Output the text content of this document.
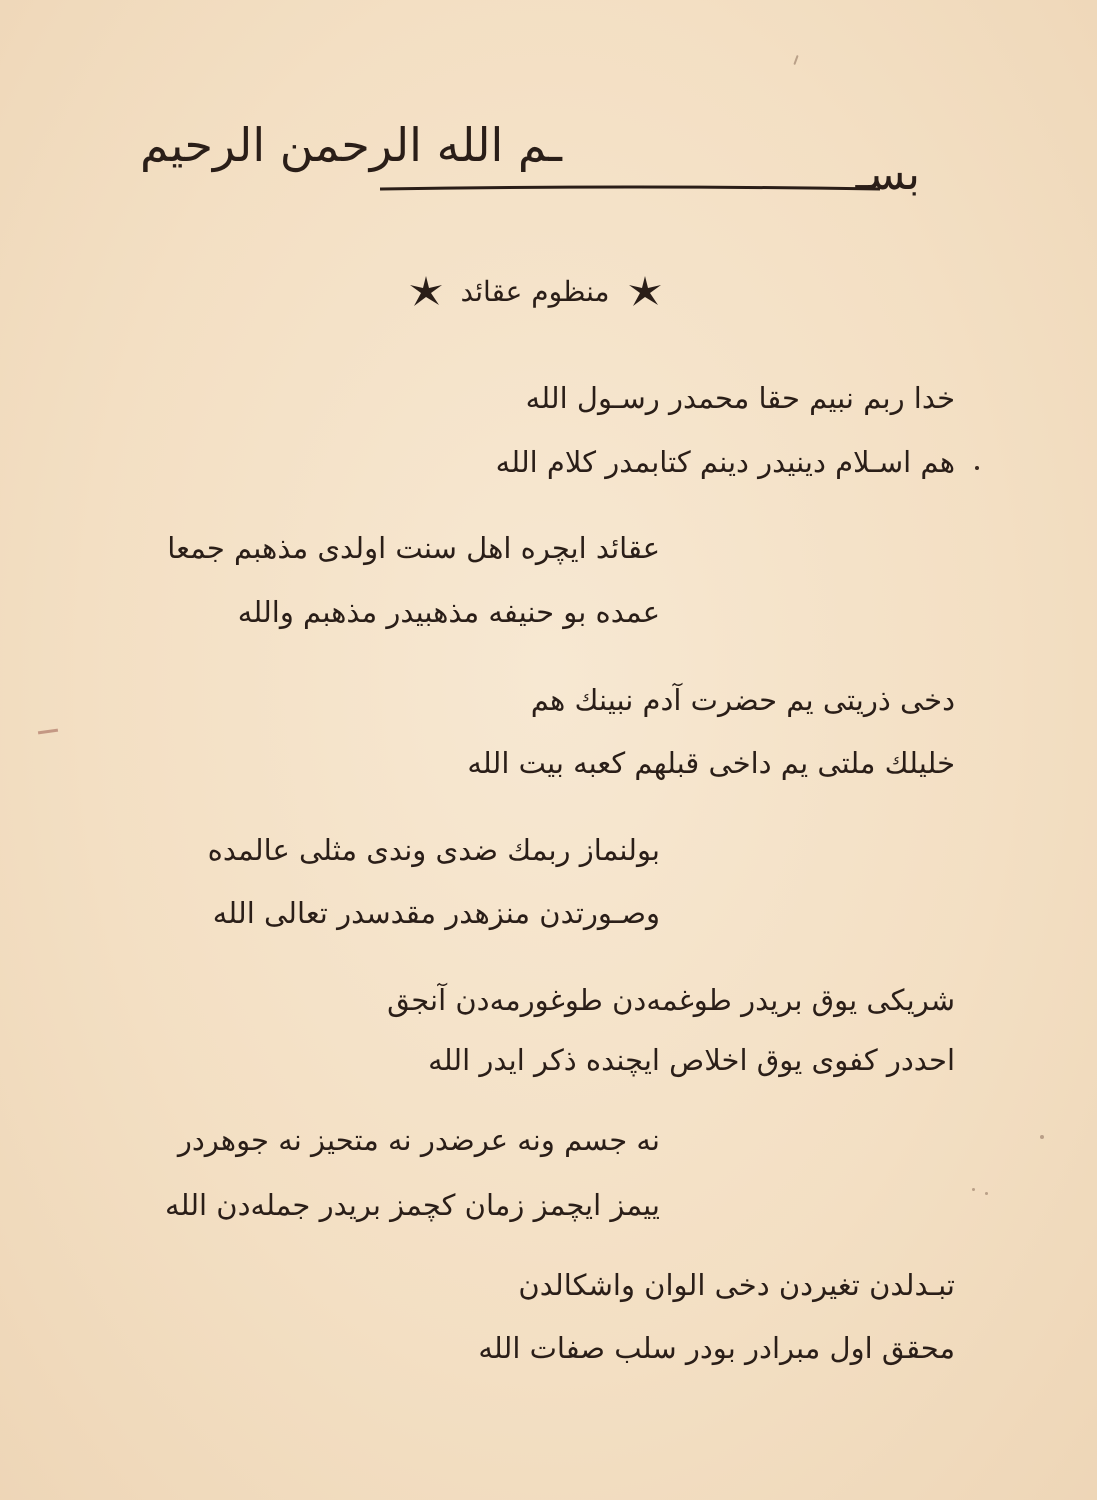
ـم الله الرحمن الرحيم
بسـ
منظوم عقائد
خدا ربم نبیم حقا محمدر رسـول الله
هم اسـلام دینیدر دینم کتابمدر کلام الله
عقائد ایچره اهل سنت اولدی مذهبم جمعا
عمده بو حنیفه مذهبیدر مذهبم والله
دخی ذریتی یم حضرت آدم نبینك هم
خلیلك ملتی یم داخی قبلهم کعبه بیت الله
بولنماز ربمك ضدی وندی مثلی عالمده
وصـورتدن منزهدر مقدسدر تعالی الله
شریکی یوق بریدر طوغمه‌دن طوغورمه‌دن آنجق
احددر کفوی یوق اخلاص ایچنده ذکر ایدر الله
نه جسم ونه عرضدر نه متحیز نه جوهردر
ییمز ایچمز زمان کچمز بریدر جمله‌دن الله
تبـدلدن تغیردن دخی الوان واشکالدن
محقق اول مبرادر بودر سلب صفات الله
